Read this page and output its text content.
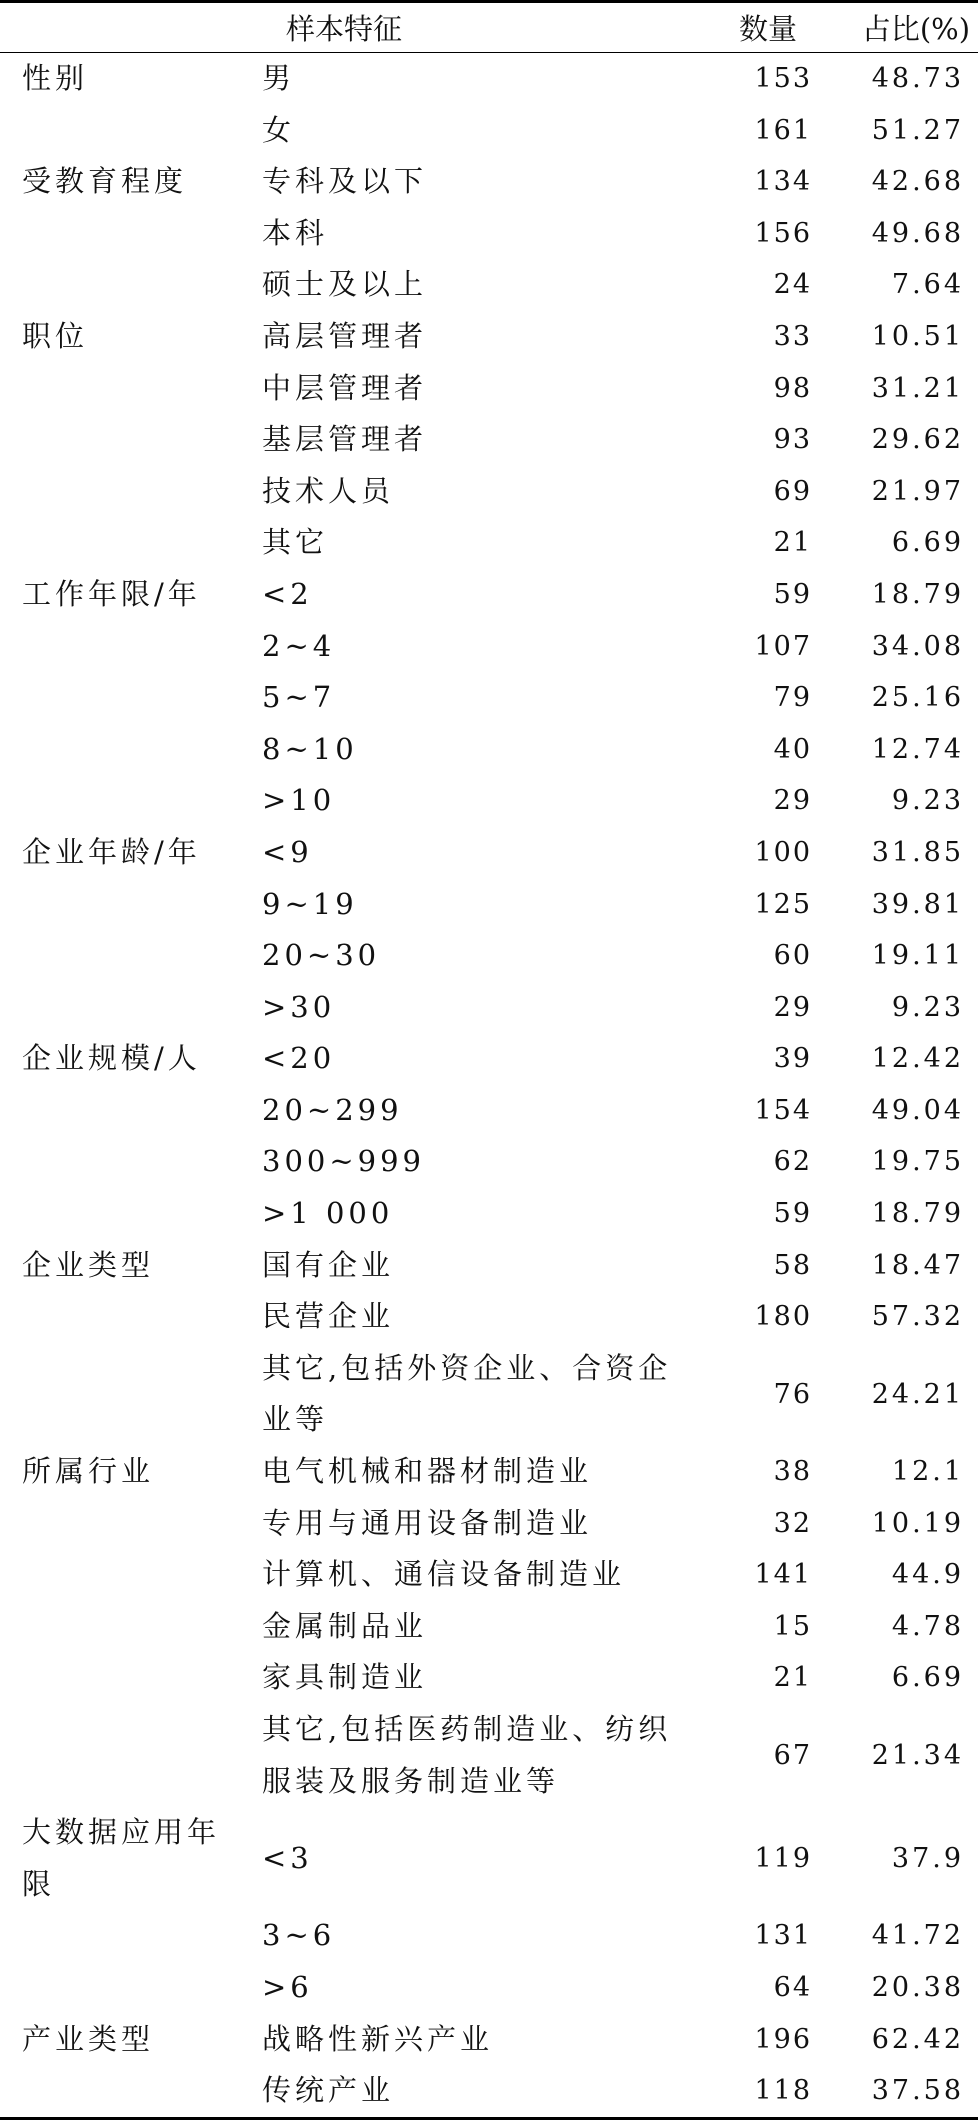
样本特征		数量	占比(%)
性别	男	153	48.73
	女	161	51.27
受教育程度	专科及以下	134	42.68
	本科	156	49.68
	硕士及以上	24	7.64
职位	高层管理者	33	10.51
	中层管理者	98	31.21
	基层管理者	93	29.62
	技术人员	69	21.97
	其它	21	6.69
工作年限/年	<2	59	18.79
	2~4	107	34.08
	5~7	79	25.16
	8~10	40	12.74
	>10	29	9.23
企业年龄/年	<9	100	31.85
	9~19	125	39.81
	20~30	60	19.11
	>30	29	9.23
企业规模/人	<20	39	12.42
	20~299	154	49.04
	300~999	62	19.75
	>1 000	59	18.79
企业类型	国有企业	58	18.47
	民营企业	180	57.32
	其它,包括外资企业、合资企业等	76	24.21
所属行业	电气机械和器材制造业	38	12.1
	专用与通用设备制造业	32	10.19
	计算机、通信设备制造业	141	44.9
	金属制品业	15	4.78
	家具制造业	21	6.69
	其它,包括医药制造业、纺织服装及服务制造业等	67	21.34
大数据应用年限	<3	119	37.9
	3~6	131	41.72
	>6	64	20.38
产业类型	战略性新兴产业	196	62.42
	传统产业	118	37.58
